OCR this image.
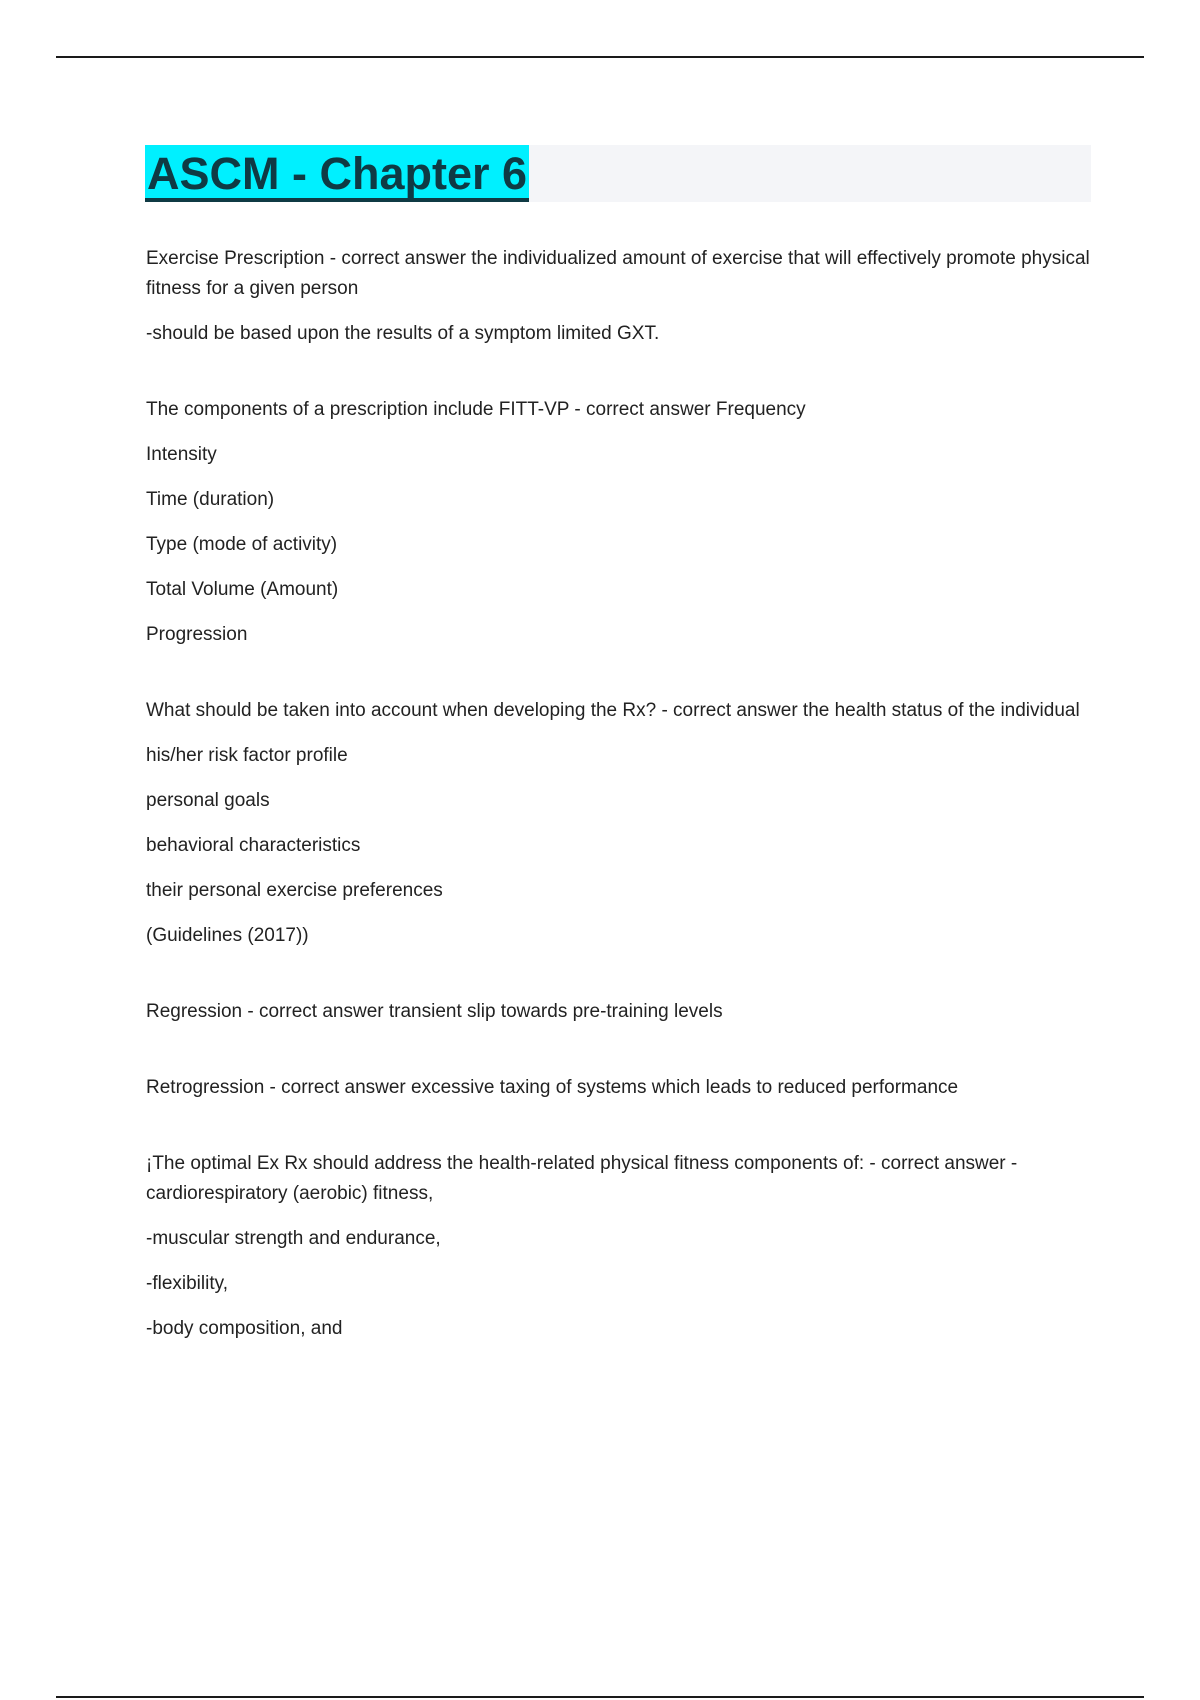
ASCM - Chapter 6

Exercise Prescription - correct answer the individualized amount of exercise that will effectively promote physical fitness for a given person

-should be based upon the results of a symptom limited GXT.

The components of a prescription include FITT-VP - correct answer Frequency

Intensity

Time (duration)

Type (mode of activity)

Total Volume (Amount)

Progression

What should be taken into account when developing the Rx? - correct answer the health status of the individual

his/her risk factor profile

personal goals

behavioral characteristics

their personal exercise preferences

(Guidelines (2017))

Regression - correct answer transient slip towards pre-training levels

Retrogression - correct answer excessive taxing of systems which leads to reduced performance

¡The optimal Ex Rx should address the health-related physical fitness components of: - correct answer -cardiorespiratory (aerobic) fitness,

-muscular strength and endurance,

-flexibility,

-body composition, and
